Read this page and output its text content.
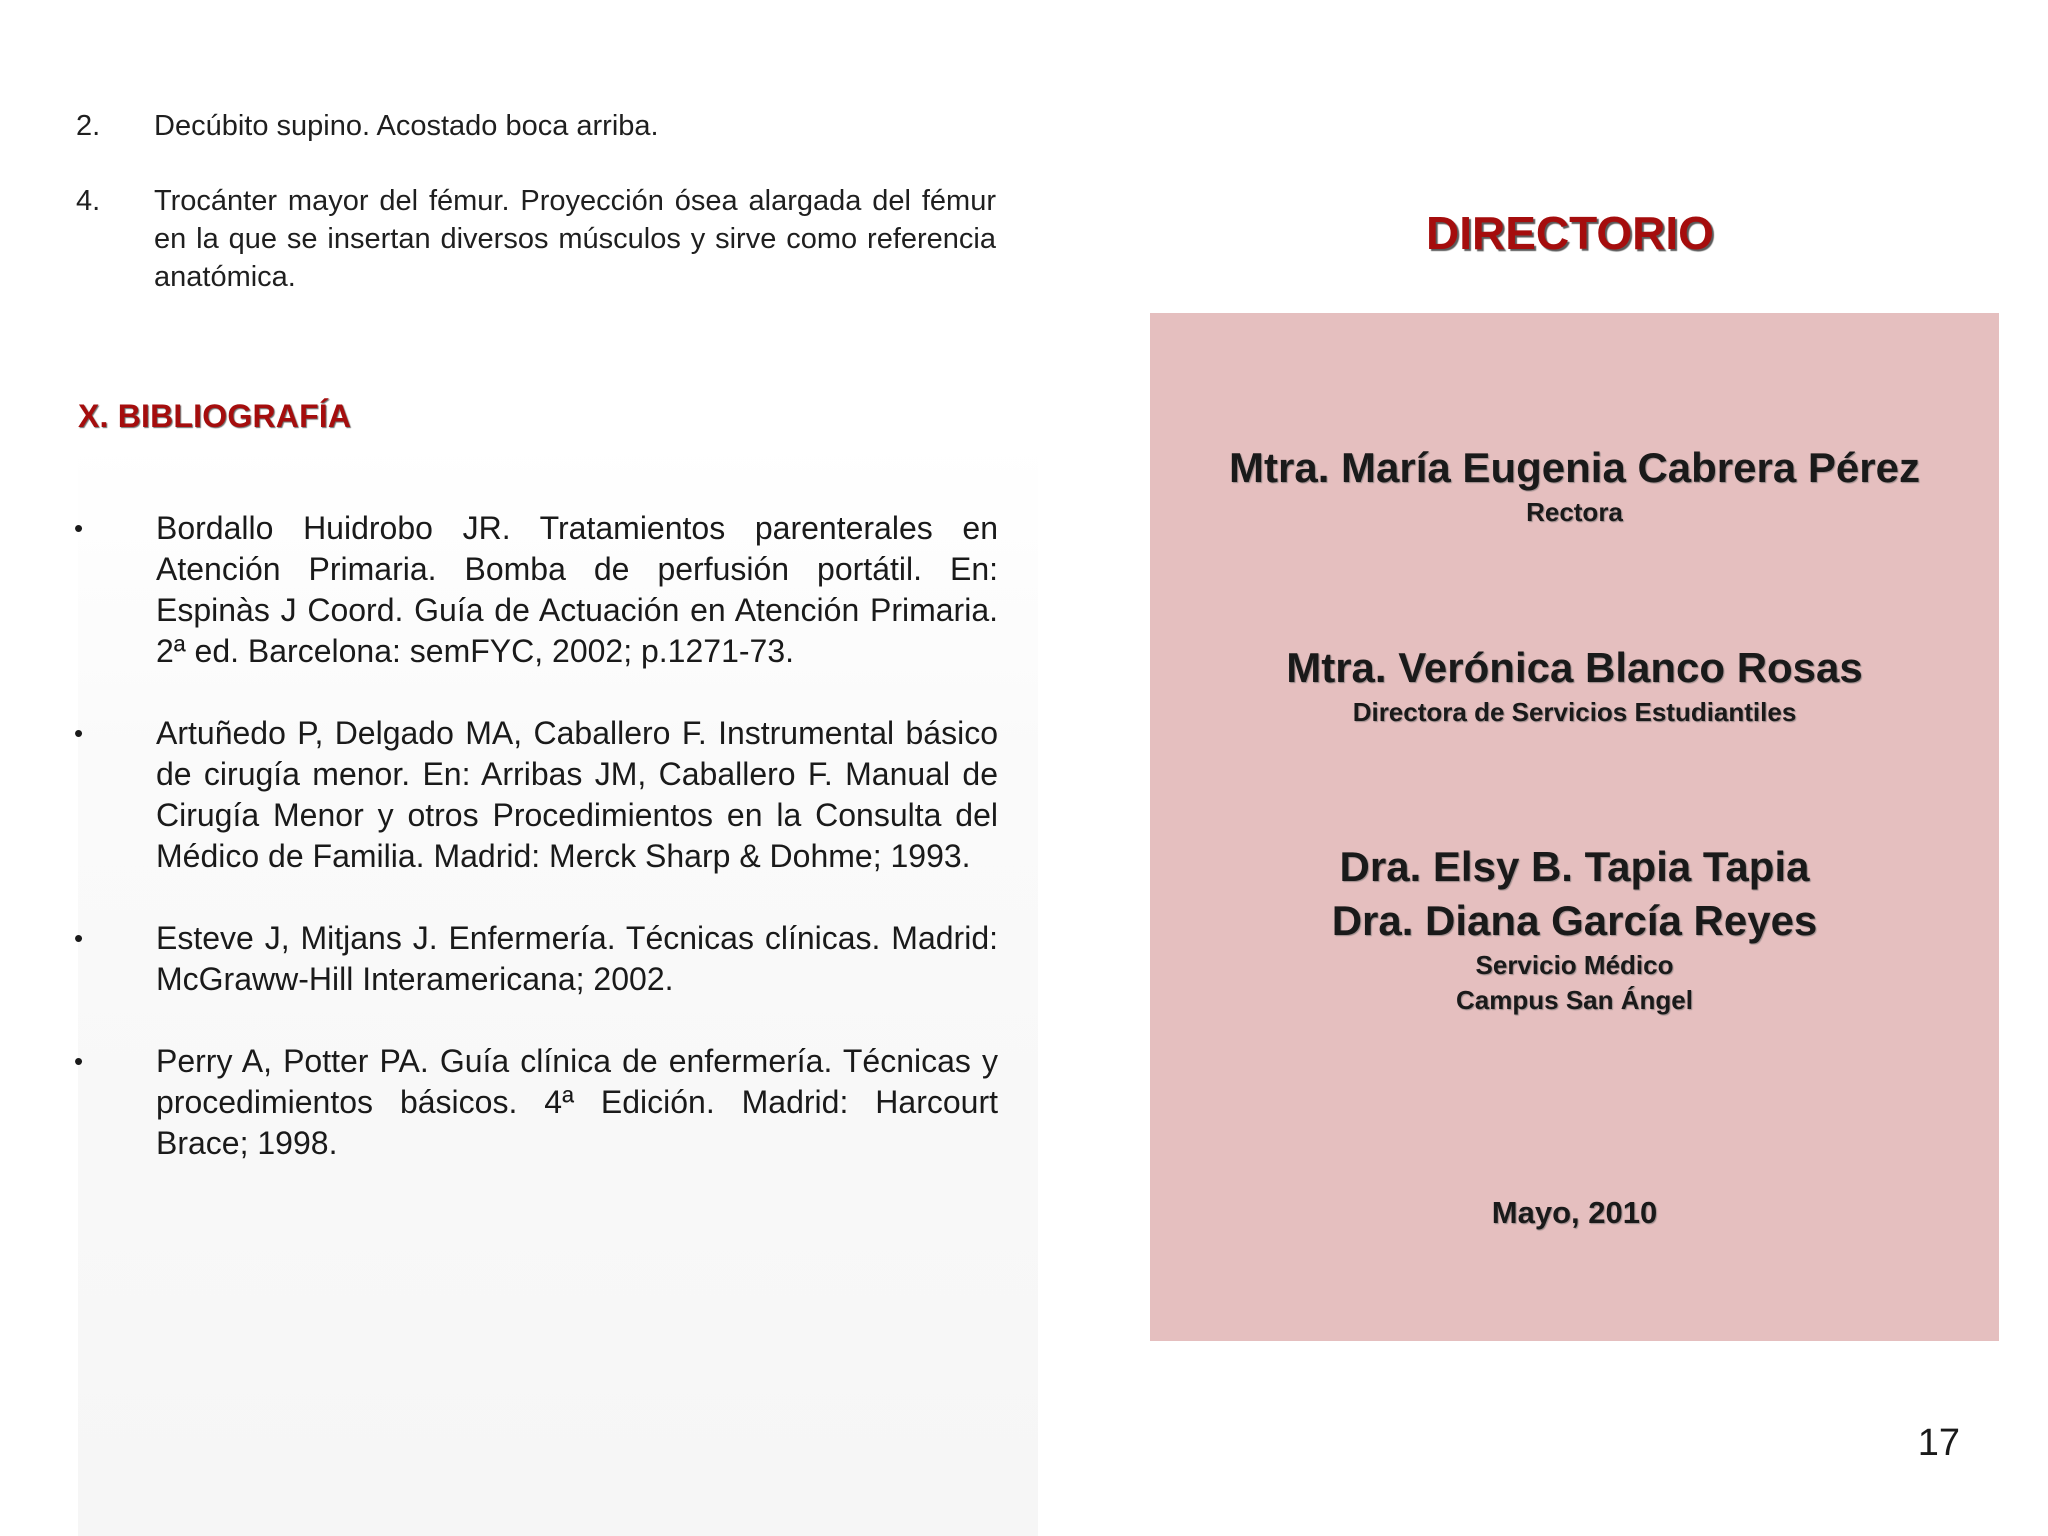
2.	Decúbito supino. Acostado boca arriba.
4.	Trocánter mayor del fémur. Proyección ósea alargada del fémur en la que se insertan diversos músculos y sirve como referencia anatómica.
X. BIBLIOGRAFÍA
•	Bordallo Huidrobo JR. Tratamientos parenterales en Atención Primaria. Bomba de perfusión portátil. En: Espinàs J Coord. Guía de Actuación en Atención Primaria. 2ª ed. Barcelona: semFYC, 2002; p.1271-73.
•	Artuñedo P, Delgado MA, Caballero F. Instrumental básico de cirugía menor. En: Arribas JM, Caballero F. Manual de Cirugía Menor y otros Procedimientos en la Consulta del Médico de Familia. Madrid: Merck Sharp & Dohme; 1993.
•	Esteve J, Mitjans J. Enfermería. Técnicas clínicas. Madrid: McGraww-Hill Interamericana; 2002.
•	Perry A, Potter PA. Guía clínica de enfermería. Técnicas y procedimientos básicos. 4ª Edición. Madrid: Harcourt Brace; 1998.
DIRECTORIO
Mtra. María Eugenia Cabrera Pérez
Rectora
Mtra. Verónica Blanco Rosas
Directora de Servicios Estudiantiles
Dra. Elsy B. Tapia Tapia
Dra. Diana García Reyes
Servicio Médico
Campus San Ángel
Mayo, 2010
17
